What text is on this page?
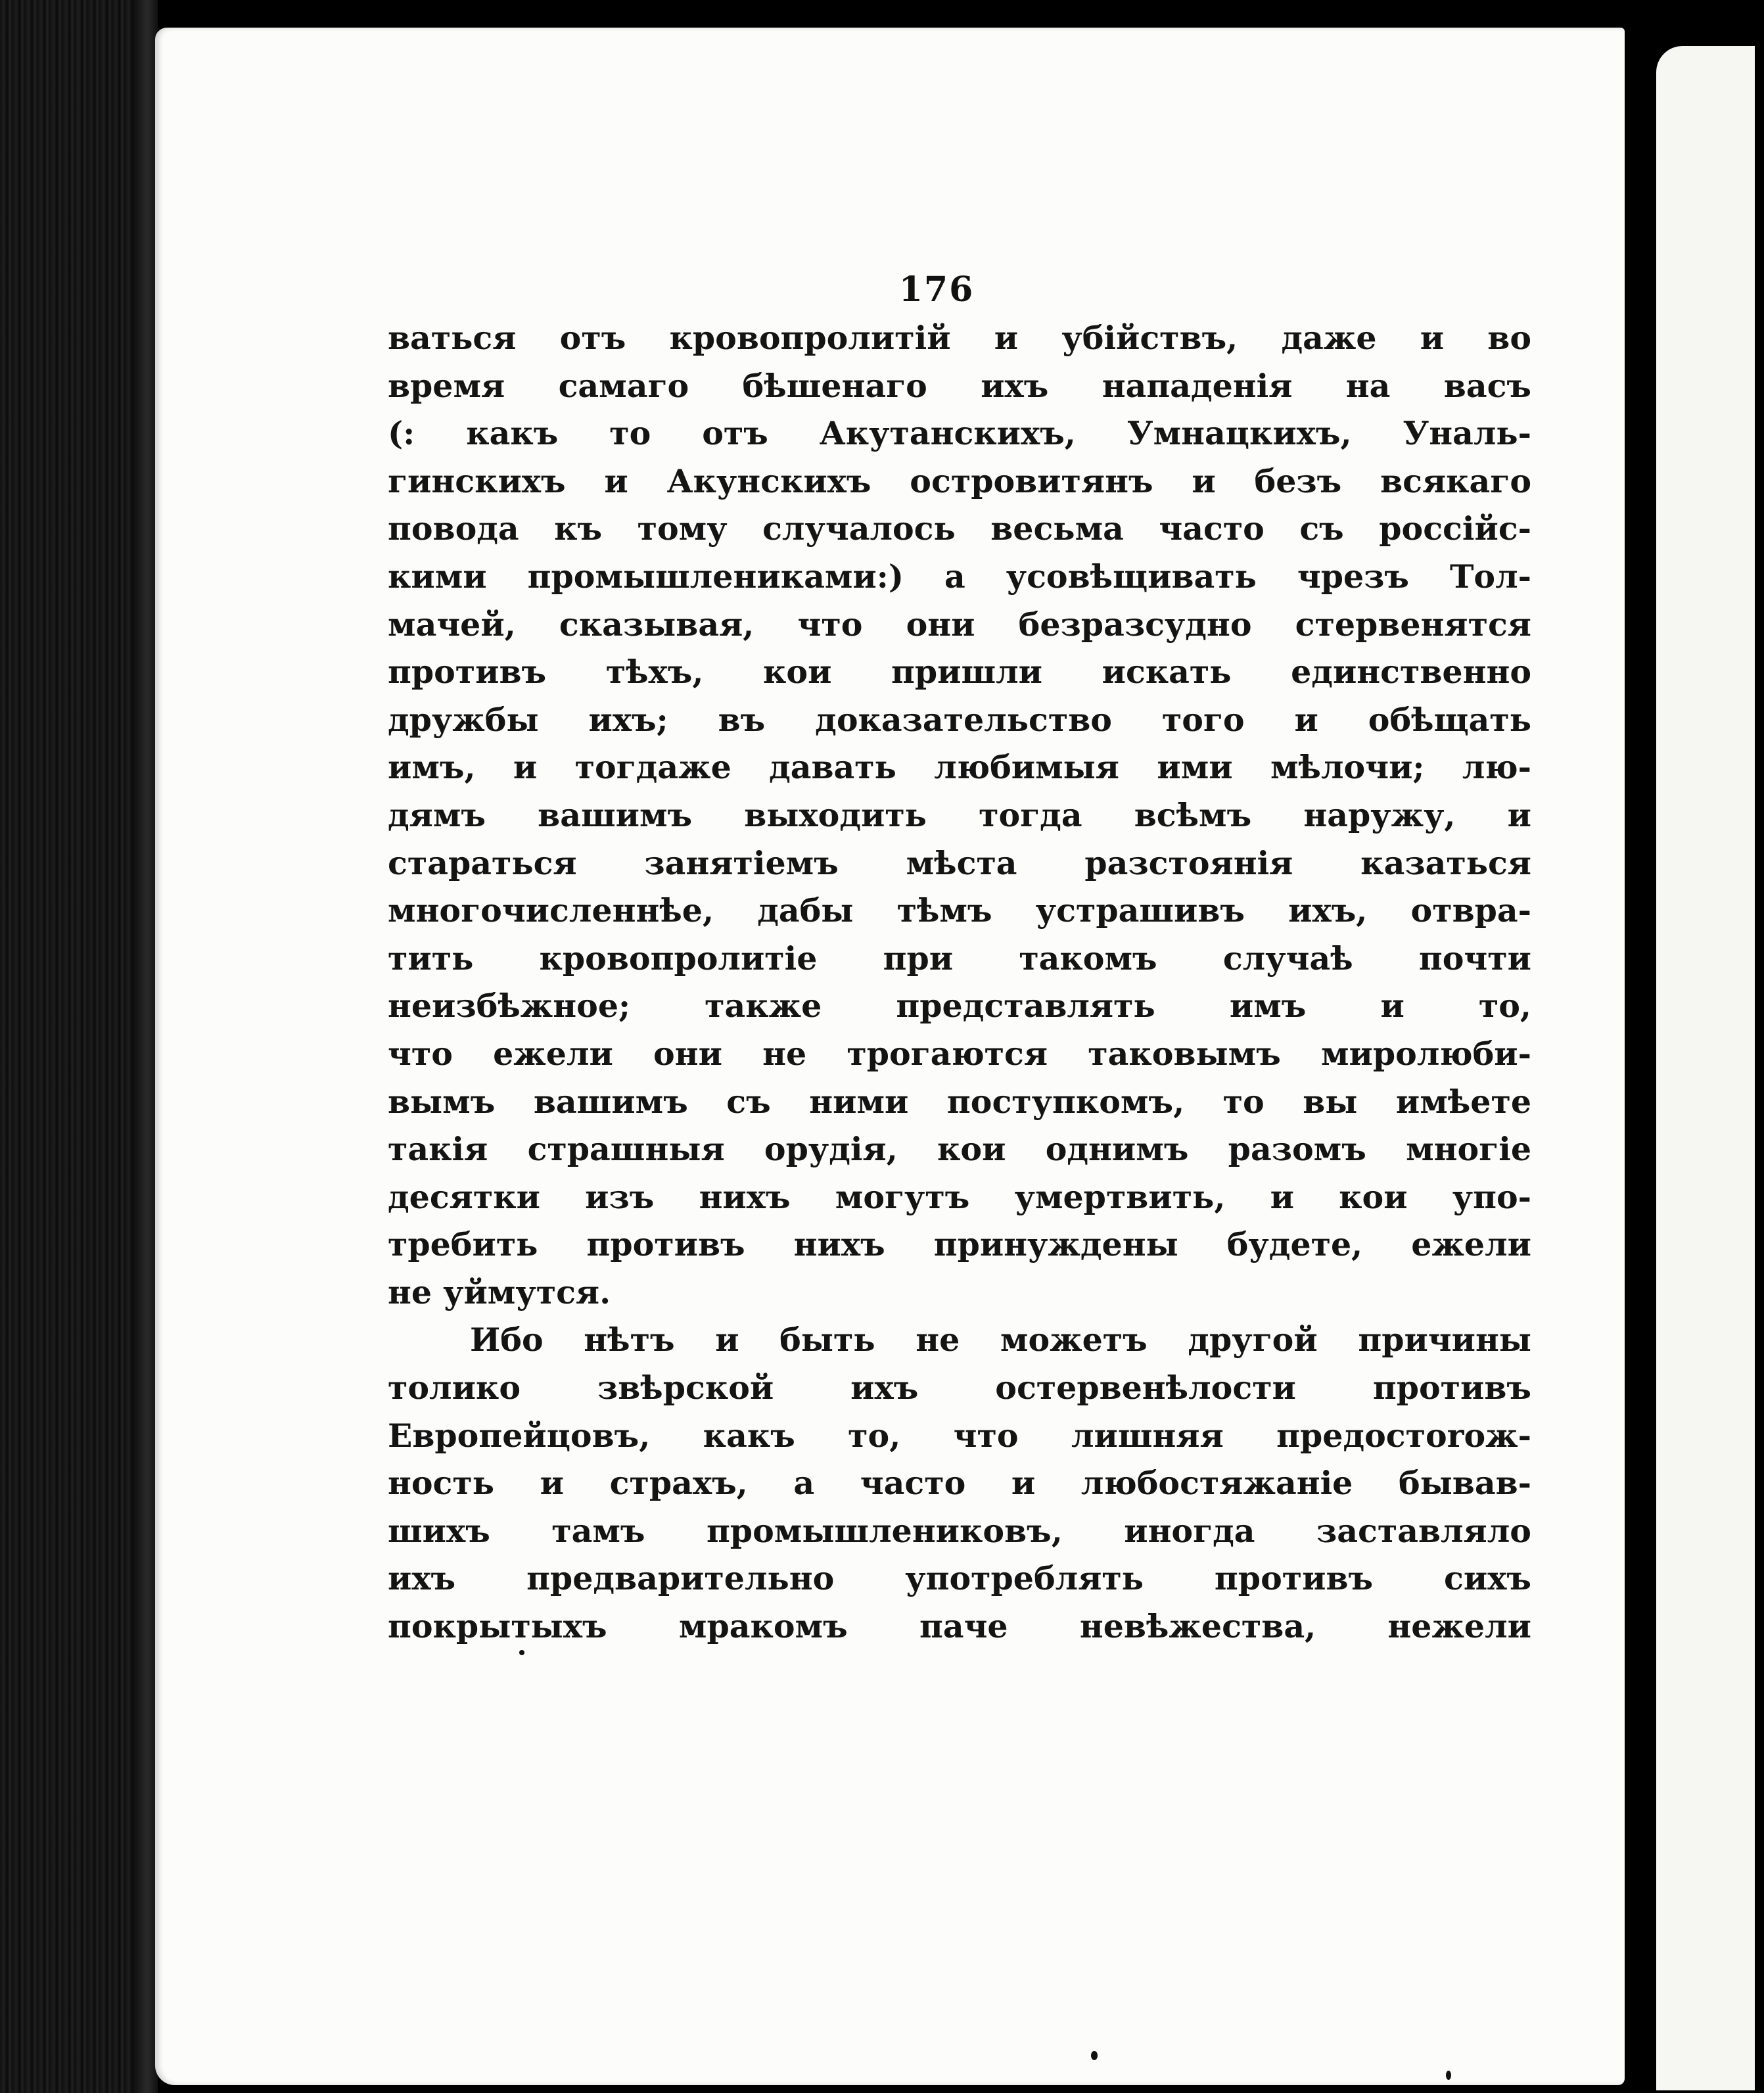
176
ваться отъ кровопролитій и убійствъ, даже и во
время самаго бѣшенаго ихъ нападенія на васъ
(: какъ то отъ Акутанскихъ, Умнацкихъ, Уналь-
гинскихъ и Акунскихъ островитянъ и безъ всякаго
повода къ тому случалось весьма часто съ россійс-
кими промышлениками:) а усовѣщивать чрезъ Тол-
мачей, сказывая, что они безразсудно стервенятся
противъ тѣхъ, кои пришли искать единственно
дружбы ихъ; въ доказательство того и обѣщать
имъ, и тогдаже давать любимыя ими мѣлочи; лю-
дямъ вашимъ выходить тогда всѣмъ наружу, и
стараться занятіемъ мѣста разстоянія казаться
многочисленнѣе, дабы тѣмъ устрашивъ ихъ, отвра-
тить кровопролитіе при такомъ случаѣ почти
неизбѣжное; также представлять имъ и то,
что ежели они не трогаются таковымъ миролюби-
вымъ вашимъ съ ними поступкомъ, то вы имѣете
такія страшныя орудія, кои однимъ разомъ многіе
десятки изъ нихъ могутъ умертвить, и кои упо-
требить противъ нихъ принуждены будете, ежели
не уймутся.
Ибо нѣтъ и быть не можетъ другой причины
толико звѣрской ихъ остервенѣлости противъ
Европейцовъ, какъ то, что лишняя предостorож-
ность и страхъ, а часто и любостяжаніе бывав-
шихъ тамъ промышлениковъ, иногда заставляло
ихъ предварительно употреблять противъ сихъ
покрытыхъ мракомъ паче невѣжества, нежели
